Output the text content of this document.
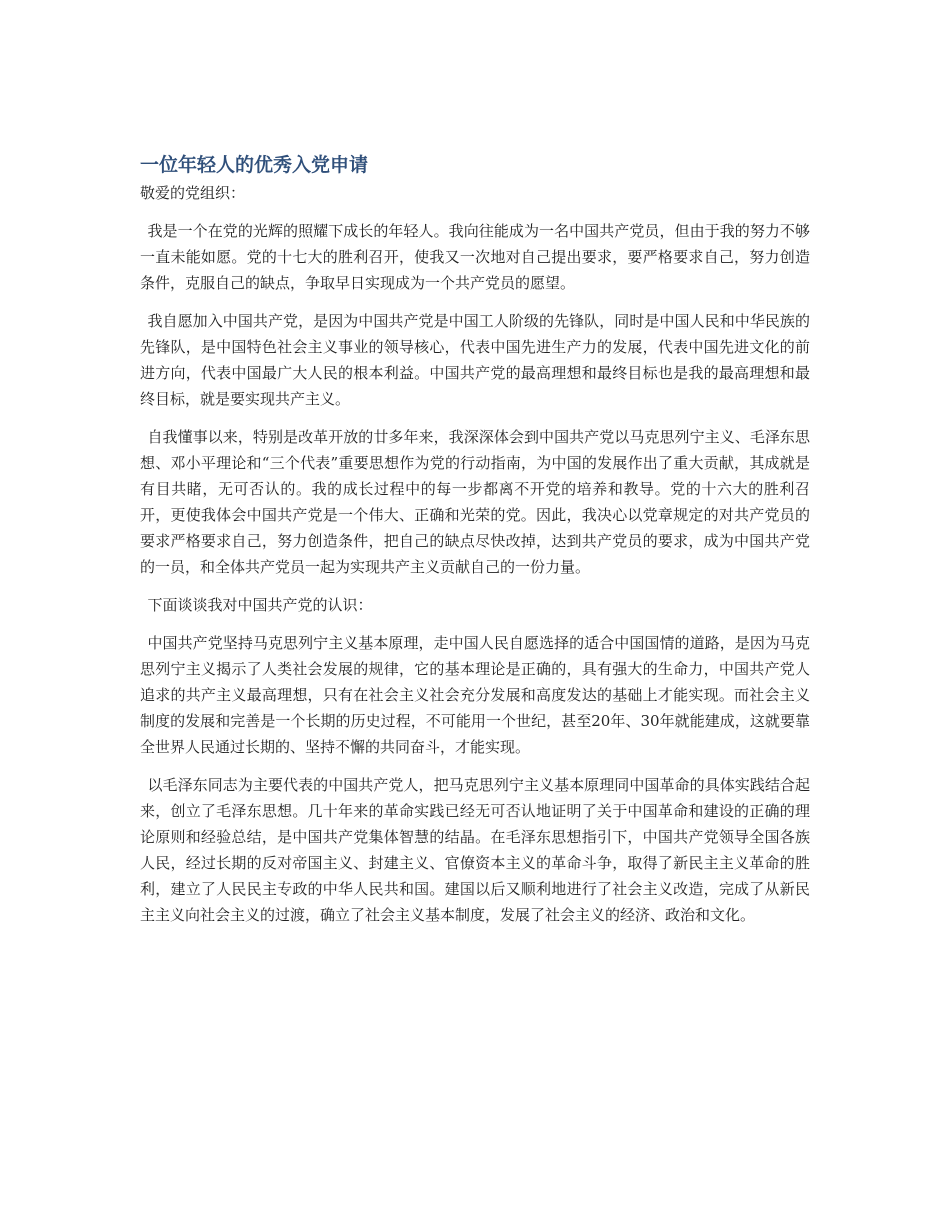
一位年轻人的优秀入党申请

敬爱的党组织：

我是一个在党的光辉的照耀下成长的年轻人。我向往能成为一名中国共产党员，但由于我的努力不够一直未能如愿。党的十七大的胜利召开，使我又一次地对自己提出要求，要严格要求自己，努力创造条件，克服自己的缺点，争取早日实现成为一个共产党员的愿望。

我自愿加入中国共产党，是因为中国共产党是中国工人阶级的先锋队，同时是中国人民和中华民族的先锋队，是中国特色社会主义事业的领导核心，代表中国先进生产力的发展，代表中国先进文化的前进方向，代表中国最广大人民的根本利益。中国共产党的最高理想和最终目标也是我的最高理想和最终目标，就是要实现共产主义。

自我懂事以来，特别是改革开放的廿多年来，我深深体会到中国共产党以马克思列宁主义、毛泽东思想、邓小平理论和“三个代表”重要思想作为党的行动指南，为中国的发展作出了重大贡献，其成就是有目共睹，无可否认的。我的成长过程中的每一步都离不开党的培养和教导。党的十六大的胜利召开，更使我体会中国共产党是一个伟大、正确和光荣的党。因此，我决心以党章规定的对共产党员的要求严格要求自己，努力创造条件，把自己的缺点尽快改掉，达到共产党员的要求，成为中国共产党的一员，和全体共产党员一起为实现共产主义贡献自己的一份力量。

下面谈谈我对中国共产党的认识：

中国共产党坚持马克思列宁主义基本原理，走中国人民自愿选择的适合中国国情的道路，是因为马克思列宁主义揭示了人类社会发展的规律，它的基本理论是正确的，具有强大的生命力，中国共产党人追求的共产主义最高理想，只有在社会主义社会充分发展和高度发达的基础上才能实现。而社会主义制度的发展和完善是一个长期的历史过程，不可能用一个世纪，甚至20年、30年就能建成，这就要靠全世界人民通过长期的、坚持不懈的共同奋斗，才能实现。

以毛泽东同志为主要代表的中国共产党人，把马克思列宁主义基本原理同中国革命的具体实践结合起来，创立了毛泽东思想。几十年来的革命实践已经无可否认地证明了关于中国革命和建设的正确的理论原则和经验总结，是中国共产党集体智慧的结晶。在毛泽东思想指引下，中国共产党领导全国各族人民，经过长期的反对帝国主义、封建主义、官僚资本主义的革命斗争，取得了新民主主义革命的胜利，建立了人民民主专政的中华人民共和国。建国以后又顺利地进行了社会主义改造，完成了从新民主主义向社会主义的过渡，确立了社会主义基本制度，发展了社会主义的经济、政治和文化。
